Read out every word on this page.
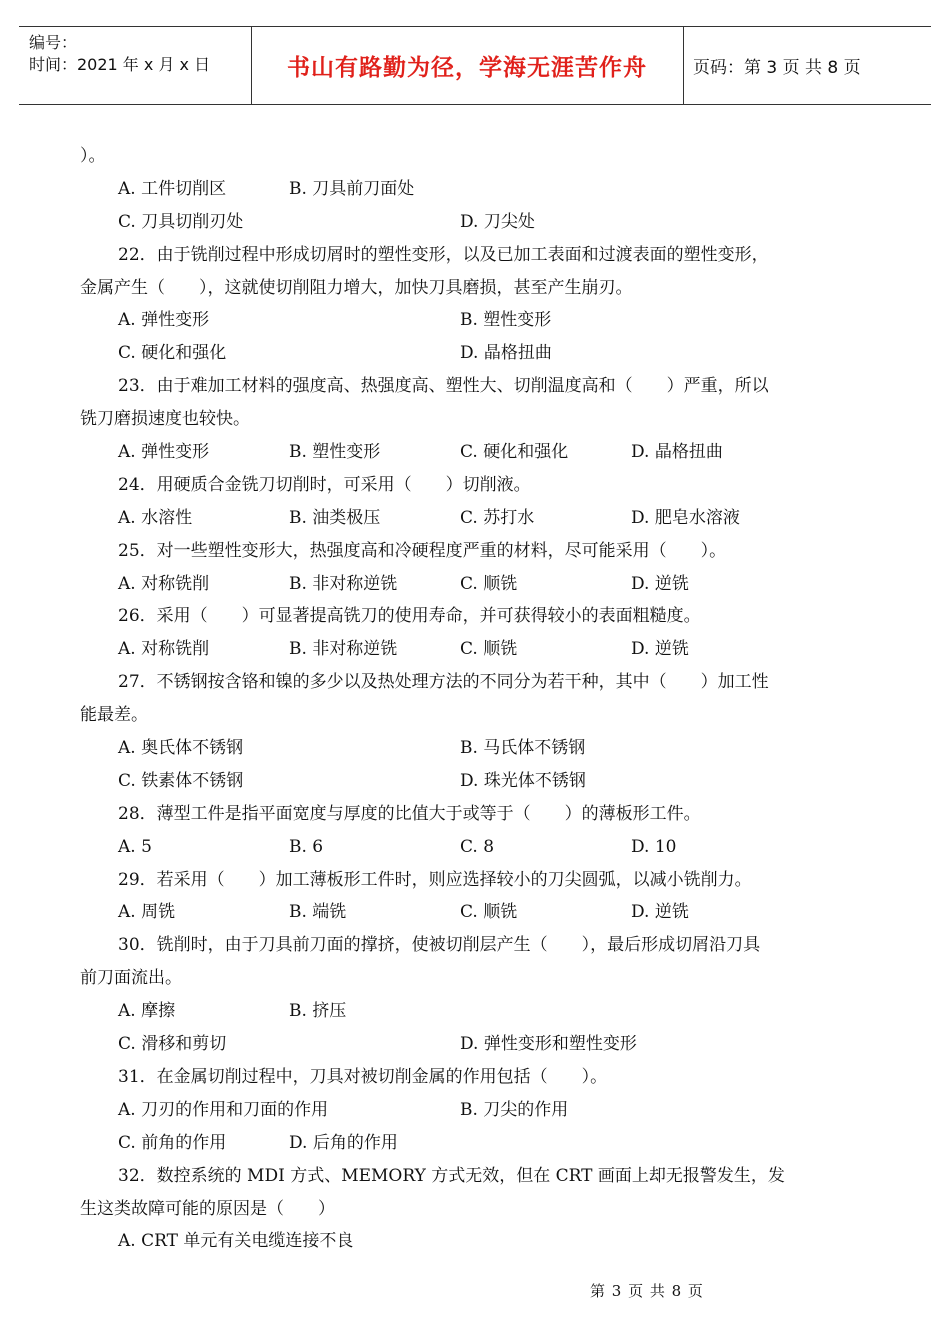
编号：
时间：2021 年 x 月 x 日	书山有路勤为径，学海无涯苦作舟	页码：第 3 页 共 8 页
）。
A. 工件切削区	B. 刀具前刀面处
C. 刀具切削刃处	D. 刀尖处
22．由于铣削过程中形成切屑时的塑性变形，以及已加工表面和过渡表面的塑性变形，
金属产生（　　），这就使切削阻力增大，加快刀具磨损，甚至产生崩刃。
A. 弹性变形	B. 塑性变形
C. 硬化和强化	D. 晶格扭曲
23．由于难加工材料的强度高、热强度高、塑性大、切削温度高和（　　）严重，所以
铣刀磨损速度也较快。
A. 弹性变形	B. 塑性变形	C. 硬化和强化	D. 晶格扭曲
24．用硬质合金铣刀切削时，可采用（　　）切削液。
A. 水溶性	B. 油类极压	C. 苏打水	D. 肥皂水溶液
25．对一些塑性变形大，热强度高和冷硬程度严重的材料，尽可能采用（　　）。
A. 对称铣削	B. 非对称逆铣	C. 顺铣	D. 逆铣
26．采用（　　）可显著提高铣刀的使用寿命，并可获得较小的表面粗糙度。
A. 对称铣削	B. 非对称逆铣	C. 顺铣	D. 逆铣
27．不锈钢按含铬和镍的多少以及热处理方法的不同分为若干种，其中（　　）加工性
能最差。
A. 奥氏体不锈钢	B. 马氏体不锈钢
C. 铁素体不锈钢	D. 珠光体不锈钢
28．薄型工件是指平面宽度与厚度的比值大于或等于（　　）的薄板形工件。
A. 5	B. 6	C. 8	D. 10
29．若采用（　　）加工薄板形工件时，则应选择较小的刀尖圆弧，以减小铣削力。
A. 周铣	B. 端铣	C. 顺铣	D. 逆铣
30．铣削时，由于刀具前刀面的撑挤，使被切削层产生（　　），最后形成切屑沿刀具
前刀面流出。
A. 摩擦	B. 挤压
C. 滑移和剪切	D. 弹性变形和塑性变形
31．在金属切削过程中，刀具对被切削金属的作用包括（　　）。
A. 刀刃的作用和刀面的作用	B. 刀尖的作用
C. 前角的作用	D. 后角的作用
32．数控系统的 MDI 方式、MEMORY 方式无效，但在 CRT 画面上却无报警发生，发
生这类故障可能的原因是（　　）
A. CRT 单元有关电缆连接不良
第 3 页 共 8 页
